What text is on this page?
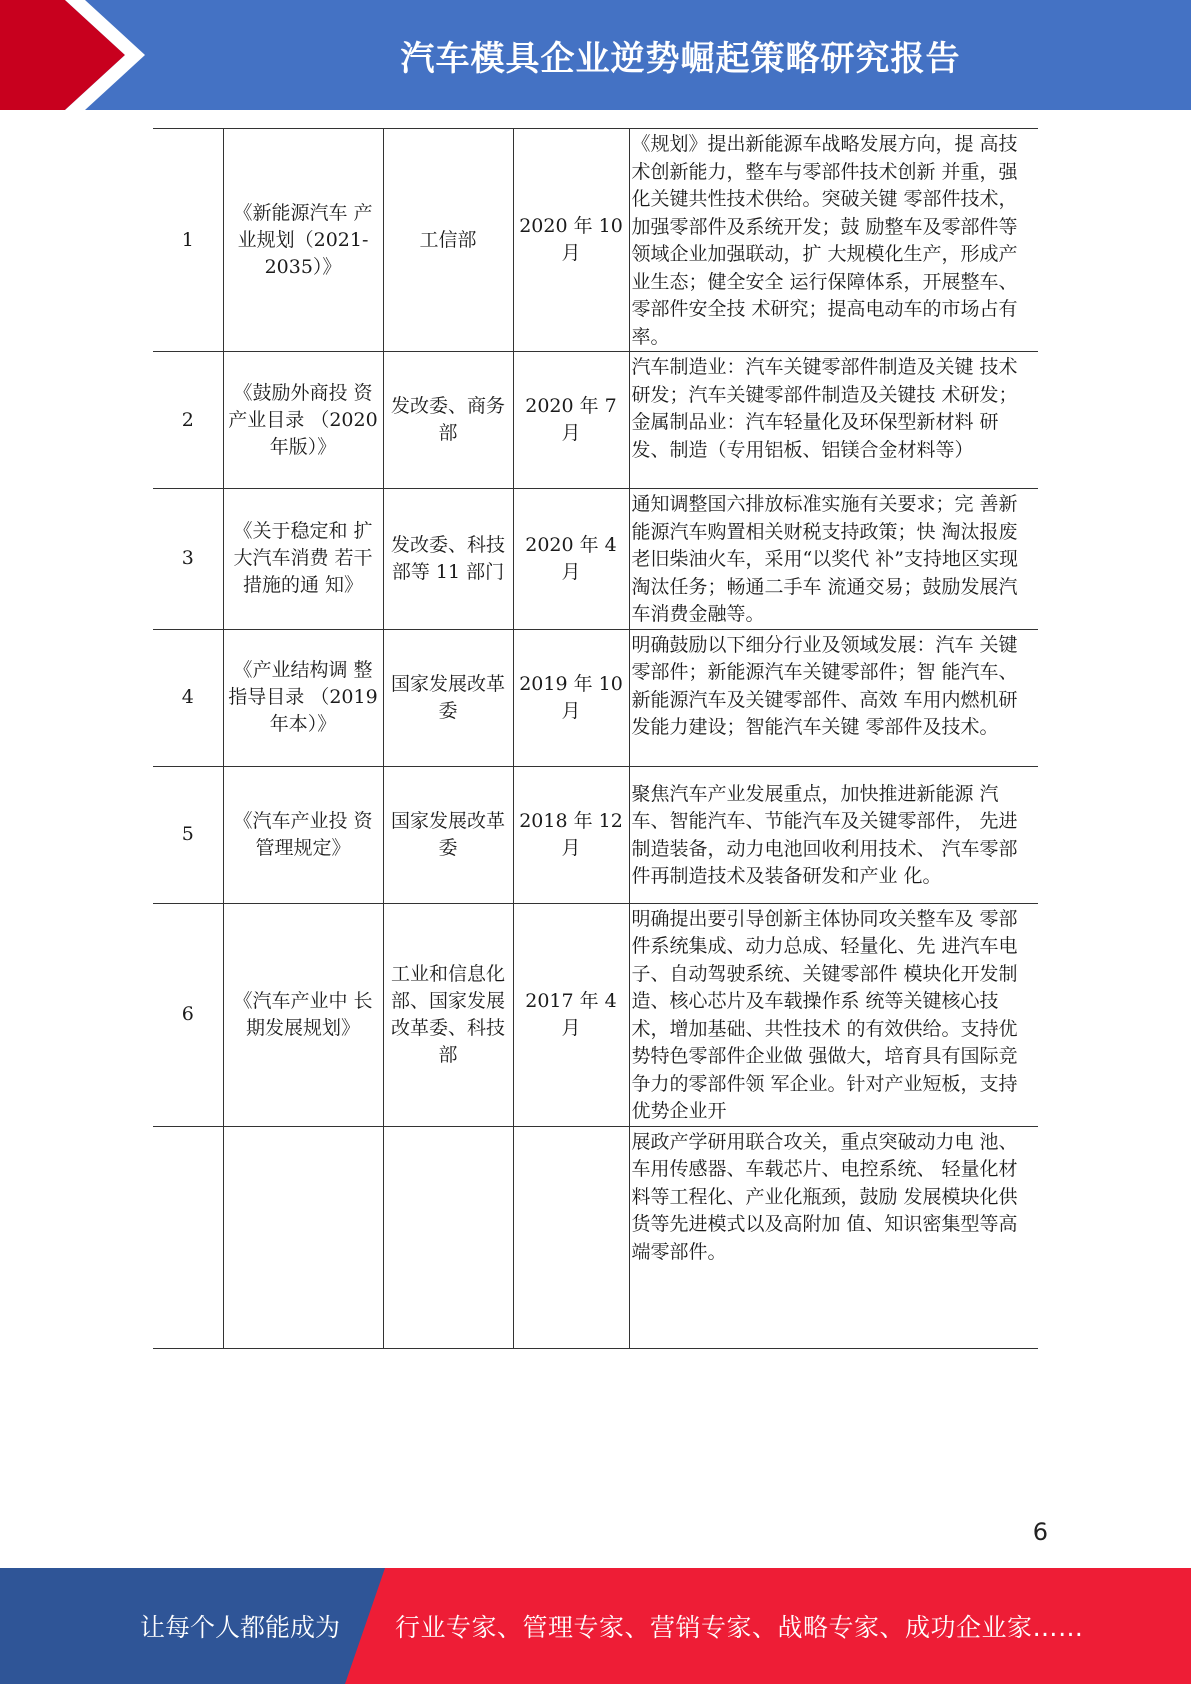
汽车模具企业逆势崛起策略研究报告
1	《新能源汽车 产业规划（2021-2035）》	工信部	2020 年 10月	《规划》提出新能源车战略发展方向，提 高技术创新能力，整车与零部件技术创新 并重，强化关键共性技术供给。突破关键 零部件技术，加强零部件及系统开发；鼓 励整车及零部件等领域企业加强联动，扩 大规模化生产，形成产业生态；健全安全 运行保障体系，开展整车、零部件安全技 术研究；提高电动车的市场占有率。
2	《鼓励外商投 资产业目录 （2020年版）》	发改委、商务部	2020 年 7月	汽车制造业：汽车关键零部件制造及关键 技术研发；汽车关键零部件制造及关键技 术研发；
金属制品业：汽车轻量化及环保型新材料 研发、制造（专用铝板、铝镁合金材料等）
3	《关于稳定和 扩大汽车消费 若干措施的通 知》	发改委、科技部等 11 部门	2020 年 4月	通知调整国六排放标准实施有关要求；完 善新能源汽车购置相关财税支持政策；快 淘汰报废老旧柴油火车，采用“以奖代 补”支持地区实现淘汰任务；畅通二手车 流通交易；鼓励发展汽车消费金融等。
4	《产业结构调 整指导目录 （2019年本）》	国家发展改革委	2019 年 10月	明确鼓励以下细分行业及领域发展：汽车 关键零部件；新能源汽车关键零部件；智 能汽车、新能源汽车及关键零部件、高效 车用内燃机研发能力建设；智能汽车关键 零部件及技术。
5	《汽车产业投 资管理规定》	国家发展改革委	2018 年 12月	聚焦汽车产业发展重点，加快推进新能源 汽车、智能汽车、节能汽车及关键零部件， 先进制造装备，动力电池回收利用技术、 汽车零部件再制造技术及装备研发和产业 化。
6	《汽车产业中 长期发展规划》	工业和信息化部、国家发展改革委、科技部	2017 年 4月	明确提出要引导创新主体协同攻关整车及 零部件系统集成、动力总成、轻量化、先 进汽车电子、自动驾驶系统、关键零部件 模块化开发制造、核心芯片及车载操作系 统等关键核心技术，增加基础、共性技术 的有效供给。支持优势特色零部件企业做 强做大，培育具有国际竞争力的零部件领 军企业。针对产业短板，支持优势企业开
				展政产学研用联合攻关，重点突破动力电 池、车用传感器、车载芯片、电控系统、 轻量化材料等工程化、产业化瓶颈，鼓励 发展模块化供货等先进模式以及高附加 值、知识密集型等高端零部件。
6
让每个人都能成为	行业专家、管理专家、营销专家、战略专家、成功企业家……
